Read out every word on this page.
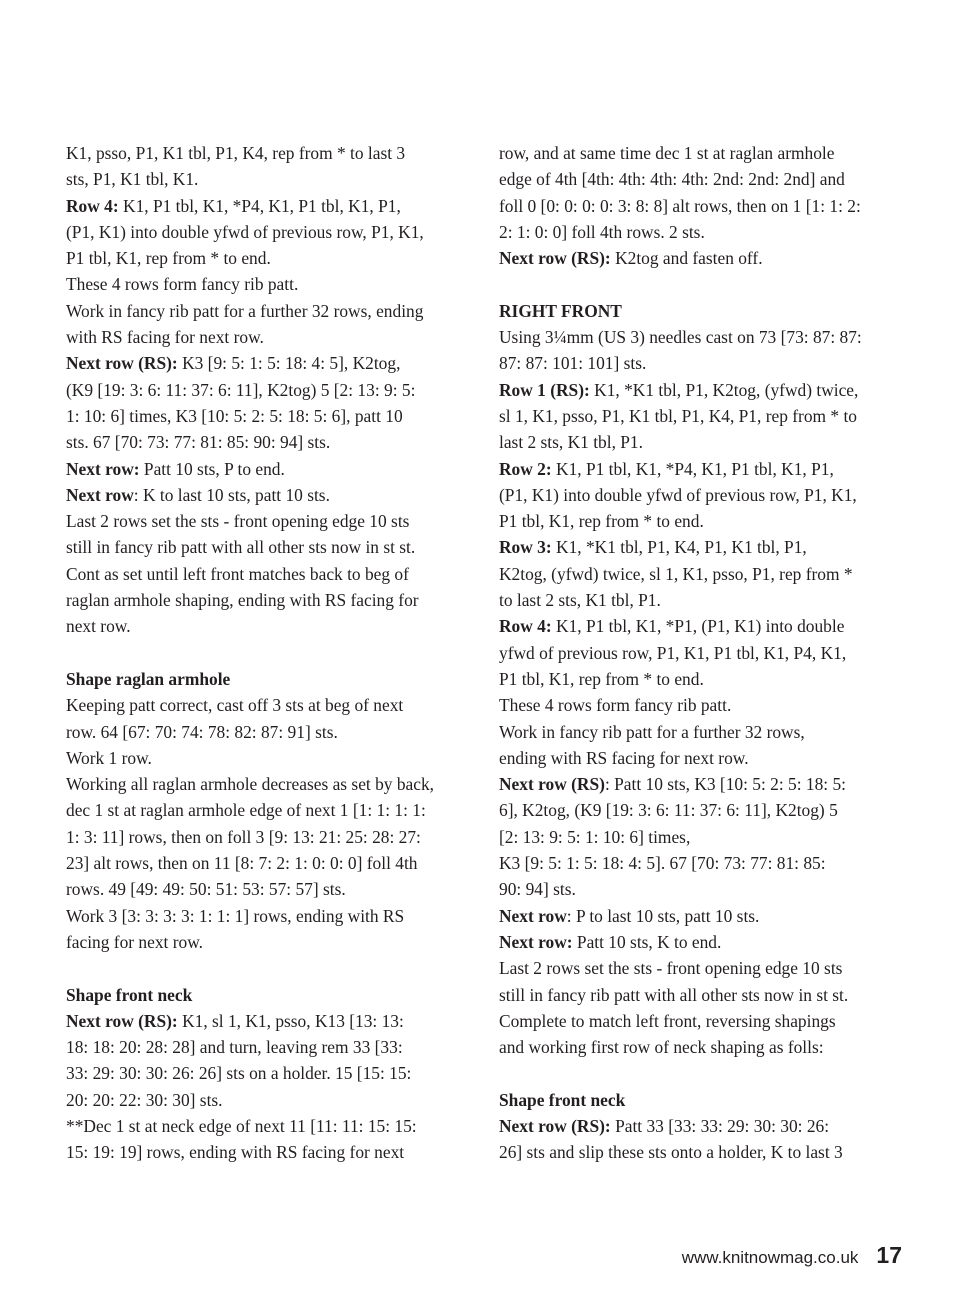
K1, psso, P1, K1 tbl, P1, K4, rep from * to last 3
sts, P1, K1 tbl, K1.
Row 4: K1, P1 tbl, K1, *P4, K1, P1 tbl, K1, P1,
(P1, K1) into double yfwd of previous row, P1, K1,
P1 tbl, K1, rep from * to end.
These 4 rows form fancy rib patt.
Work in fancy rib patt for a further 32 rows, ending
with RS facing for next row.
Next row (RS): K3 [9: 5: 1: 5: 18: 4: 5], K2tog,
(K9 [19: 3: 6: 11: 37: 6: 11], K2tog) 5 [2: 13: 9: 5:
1: 10: 6] times, K3 [10: 5: 2: 5: 18: 5: 6], patt 10
sts. 67 [70: 73: 77: 81: 85: 90: 94] sts.
Next row: Patt 10 sts, P to end.
Next row: K to last 10 sts, patt 10 sts.
Last 2 rows set the sts - front opening edge 10 sts
still in fancy rib patt with all other sts now in st st.
Cont as set until left front matches back to beg of
raglan armhole shaping, ending with RS facing for
next row.
Shape raglan armhole
Keeping patt correct, cast off 3 sts at beg of next
row. 64 [67: 70: 74: 78: 82: 87: 91] sts.
Work 1 row.
Working all raglan armhole decreases as set by back,
dec 1 st at raglan armhole edge of next 1 [1: 1: 1: 1:
1: 3: 11] rows, then on foll 3 [9: 13: 21: 25: 28: 27:
23] alt rows, then on 11 [8: 7: 2: 1: 0: 0: 0] foll 4th
rows. 49 [49: 49: 50: 51: 53: 57: 57] sts.
Work 3 [3: 3: 3: 3: 1: 1: 1] rows, ending with RS
facing for next row.
Shape front neck
Next row (RS): K1, sl 1, K1, psso, K13 [13: 13:
18: 18: 20: 28: 28] and turn, leaving rem 33 [33:
33: 29: 30: 30: 26: 26] sts on a holder. 15 [15: 15:
20: 20: 22: 30: 30] sts.
**Dec 1 st at neck edge of next 11 [11: 11: 15: 15:
15: 19: 19] rows, ending with RS facing for next
row, and at same time dec 1 st at raglan armhole
edge of 4th [4th: 4th: 4th: 4th: 2nd: 2nd: 2nd] and
foll 0 [0: 0: 0: 0: 3: 8: 8] alt rows, then on 1 [1: 1: 2:
2: 1: 0: 0] foll 4th rows. 2 sts.
Next row (RS): K2tog and fasten off.
RIGHT FRONT
Using 3¼mm (US 3) needles cast on 73 [73: 87: 87:
87: 87: 101: 101] sts.
Row 1 (RS): K1, *K1 tbl, P1, K2tog, (yfwd) twice,
sl 1, K1, psso, P1, K1 tbl, P1, K4, P1, rep from * to
last 2 sts, K1 tbl, P1.
Row 2: K1, P1 tbl, K1, *P4, K1, P1 tbl, K1, P1,
(P1, K1) into double yfwd of previous row, P1, K1,
P1 tbl, K1, rep from * to end.
Row 3: K1, *K1 tbl, P1, K4, P1, K1 tbl, P1,
K2tog, (yfwd) twice, sl 1, K1, psso, P1, rep from *
to last 2 sts, K1 tbl, P1.
Row 4: K1, P1 tbl, K1, *P1, (P1, K1) into double
yfwd of previous row, P1, K1, P1 tbl, K1, P4, K1,
P1 tbl, K1, rep from * to end.
These 4 rows form fancy rib patt.
Work in fancy rib patt for a further 32 rows,
ending with RS facing for next row.
Next row (RS): Patt 10 sts, K3 [10: 5: 2: 5: 18: 5:
6], K2tog, (K9 [19: 3: 6: 11: 37: 6: 11], K2tog) 5
[2: 13: 9: 5: 1: 10: 6] times,
K3 [9: 5: 1: 5: 18: 4: 5]. 67 [70: 73: 77: 81: 85:
90: 94] sts.
Next row: P to last 10 sts, patt 10 sts.
Next row: Patt 10 sts, K to end.
Last 2 rows set the sts - front opening edge 10 sts
still in fancy rib patt with all other sts now in st st.
Complete to match left front, reversing shapings
and working first row of neck shaping as folls:
Shape front neck
Next row (RS): Patt 33 [33: 33: 29: 30: 30: 26:
26] sts and slip these sts onto a holder, K to last 3
www.knitnowmag.co.uk 17
